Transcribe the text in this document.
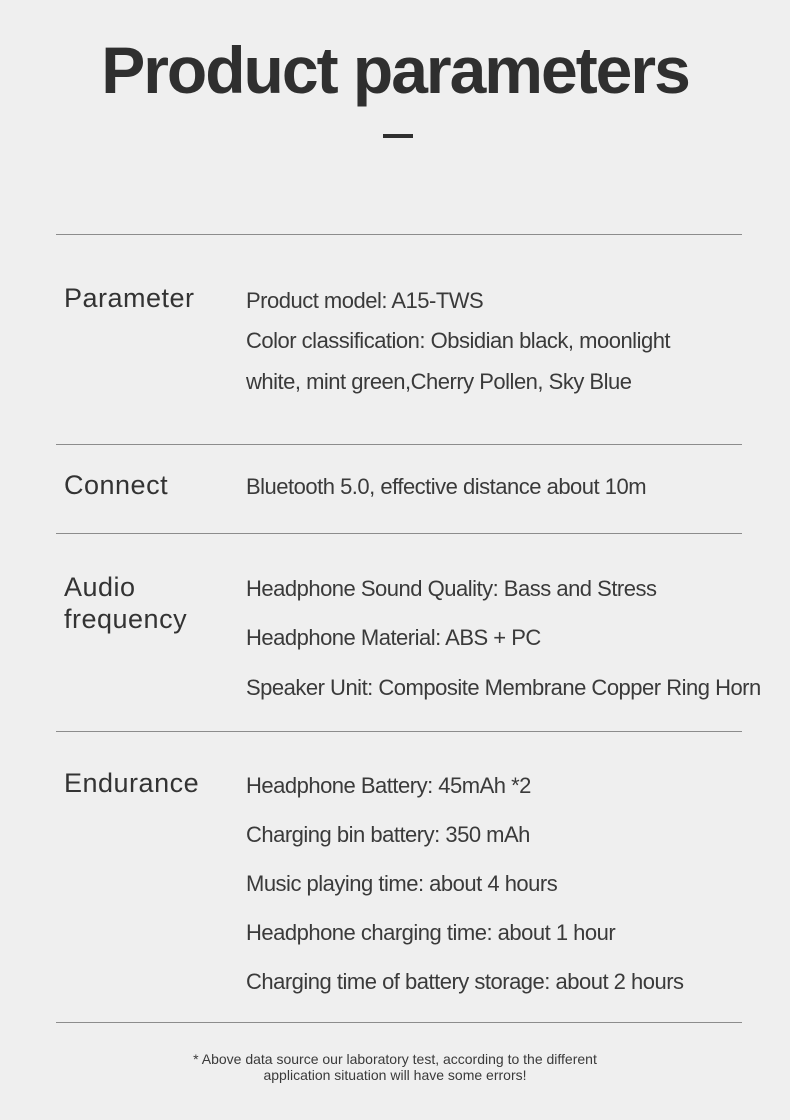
Product parameters
Parameter Product model: A15-TWS
Color classification: Obsidian black, moonlight
white, mint green,Cherry Pollen, Sky Blue
Connect	Bluetooth 5.0, effective distance about 10m
Audio
frequency
Headphone Sound Quality: Bass and Stress
Headphone Material: ABS + PC
Speaker Unit: Composite Membrane Copper Ring Horn
Endurance Headphone Battery: 45mAh *2
Charging bin battery: 350 mAh
Music playing time: about 4 hours
Headphone charging time: about 1 hour
Charging time of battery storage: about 2 hours
* Above data source our laboratory test, according to the different
application situation will have some errors!
